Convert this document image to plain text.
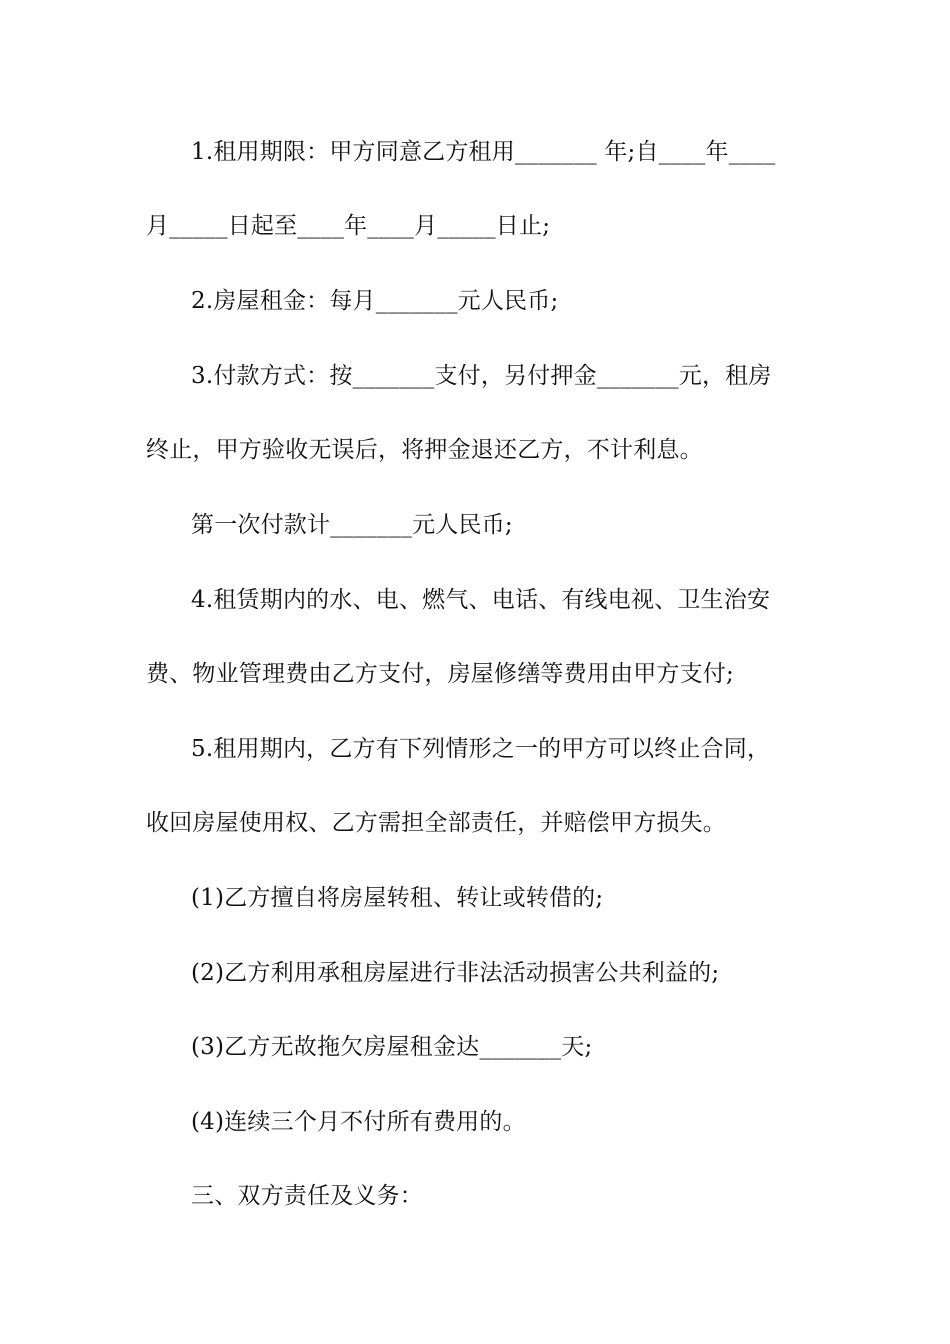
1.租用期限：甲方同意乙方租用_______ 年;自____年____
月_____日起至____年____月_____日止;
2.房屋租金：每月_______元人民币;
3.付款方式：按_______支付，另付押金_______元，租房
终止，甲方验收无误后，将押金退还乙方，不计利息。
第一次付款计_______元人民币;
4.租赁期内的水、电、燃气、电话、有线电视、卫生治安
费、物业管理费由乙方支付，房屋修缮等费用由甲方支付;
5.租用期内，乙方有下列情形之一的甲方可以终止合同，
收回房屋使用权、乙方需担全部责任，并赔偿甲方损失。
(1)乙方擅自将房屋转租、转让或转借的;
(2)乙方利用承租房屋进行非法活动损害公共利益的;
(3)乙方无故拖欠房屋租金达_______天;
(4)连续三个月不付所有费用的。
三、双方责任及义务：
